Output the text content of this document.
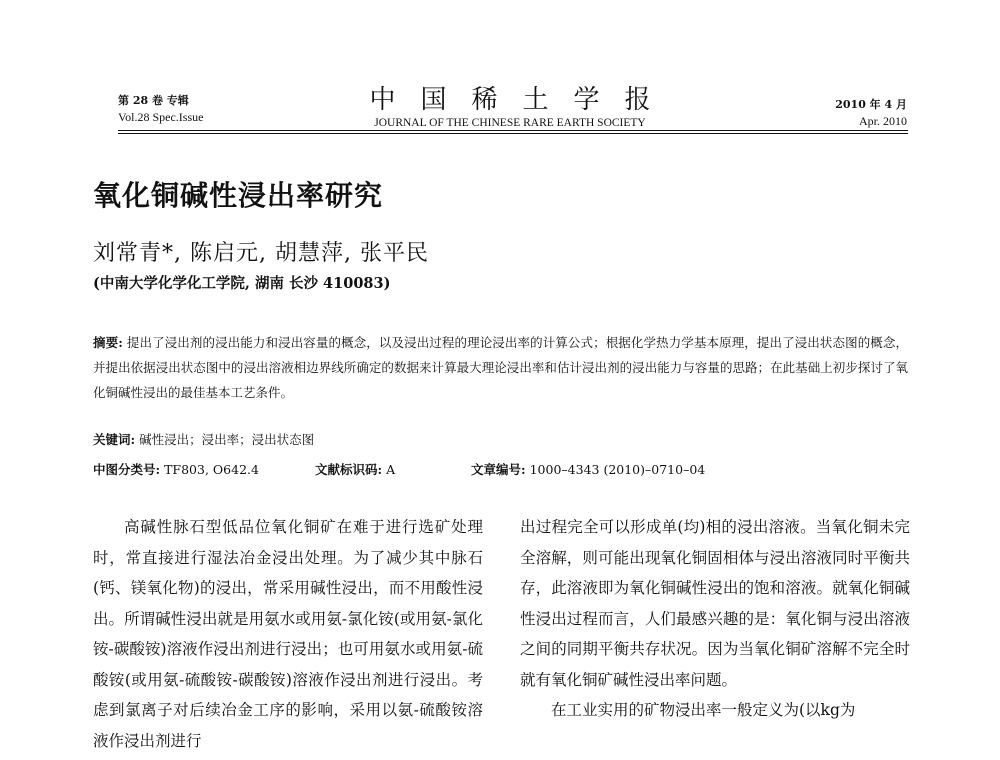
第 28 卷 专辑
Vol.28 Spec.Issue
中国稀土学报
JOURNAL OF THE CHINESE RARE EARTH SOCIETY
2010 年 4 月
Apr. 2010
氧化铜碱性浸出率研究
刘常青*, 陈启元, 胡慧萍, 张平民
(中南大学化学化工学院, 湖南 长沙 410083)
摘要: 提出了浸出剂的浸出能力和浸出容量的概念，以及浸出过程的理论浸出率的计算公式；根据化学热力学基本原理，提出了浸出状态图的概念，并提出依据浸出状态图中的浸出溶液相边界线所确定的数据来计算最大理论浸出率和估计浸出剂的浸出能力与容量的思路；在此基础上初步探讨了氧化铜碱性浸出的最佳基本工艺条件。
关键词: 碱性浸出；浸出率；浸出状态图
中图分类号: TF803, O642.4	文献标识码: A	文章编号: 1000–4343 (2010)–0710–04

高碱性脉石型低品位氧化铜矿在难于进行选矿处理时，常直接进行湿法冶金浸出处理。为了减少其中脉石(钙、镁氧化物)的浸出，常采用碱性浸出，而不用酸性浸出。所谓碱性浸出就是用氨水或用氨-氯化铵(或用氨-氯化铵-碳酸铵)溶液作浸出剂进行浸出；也可用氨水或用氨-硫酸铵(或用氨-硫酸铵-碳酸铵)溶液作浸出剂进行浸出。考虑到氯离子对后续冶金工序的影响，采用以氨-硫酸铵溶液作浸出剂进行

出过程完全可以形成单(均)相的浸出溶液。当氧化铜未完全溶解，则可能出现氧化铜固相体与浸出溶液同时平衡共存，此溶液即为氧化铜碱性浸出的饱和溶液。就氧化铜碱性浸出过程而言，人们最感兴趣的是：氧化铜与浸出溶液之间的同期平衡共存状况。因为当氧化铜矿溶解不完全时就有氧化铜矿碱性浸出率问题。

在工业实用的矿物浸出率一般定义为(以kg为
